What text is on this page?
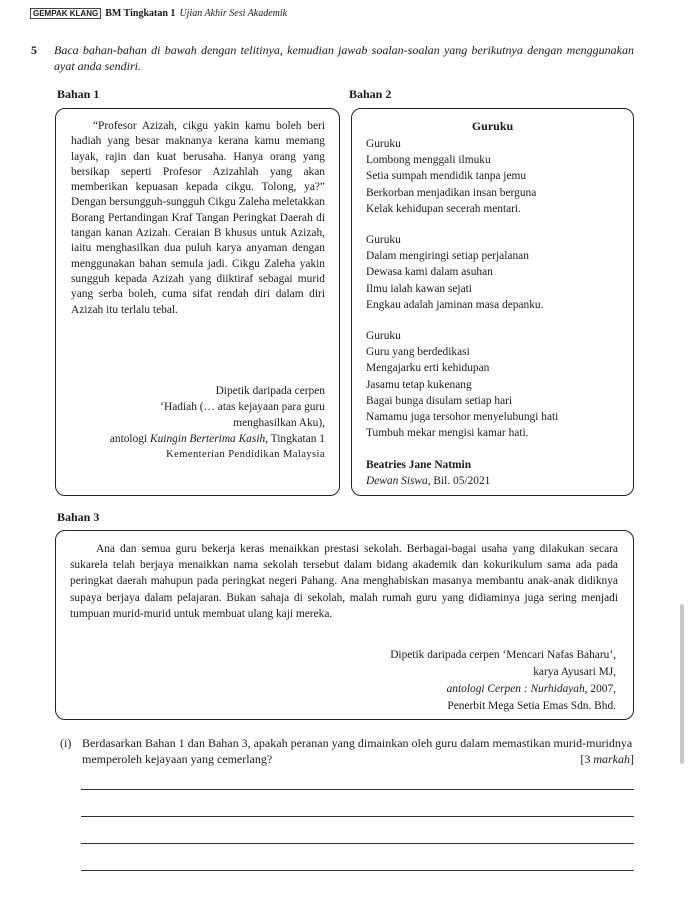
GEMPAK KLANG BM Tingkatan 1 Ujian Akhir Sesi Akademik
5 Baca bahan-bahan di bawah dengan telitinya, kemudian jawab soalan-soalan yang berikutnya dengan menggunakan ayat anda sendiri.
Bahan 1	Bahan 2
Bahan 3

“Profesor Azizah, cikgu yakin kamu boleh beri hadiah yang besar maknanya kerana kamu memang layak, rajin dan kuat berusaha. Hanya orang yang bersikap seperti Profesor Azizahlah yang akan memberikan kepuasan kepada cikgu. Tolong, ya?” Dengan bersungguh-sungguh Cikgu Zaleha meletakkan Borang Pertandingan Kraf Tangan Peringkat Daerah di tangan kanan Azizah. Ceraian B khusus untuk Azizah, iaitu menghasilkan dua puluh karya anyaman dengan menggunakan bahan semula jadi. Cikgu Zaleha yakin sungguh kepada Azizah yang diiktiraf sebagai murid yang serba boleh, cuma sifat rendah diri dalam diri Azizah itu terlalu tebal.

Dipetik daripada cerpen
‘Hadiah (… atas kejayaan para guru
menghasilkan Aku),
antologi Kuingin Berterima Kasih, Tingkatan 1
Kementerian Pendidikan Malaysia
Guruku
Guruku
Lombong menggali ilmuku
Setia sumpah mendidik tanpa jemu
Berkorban menjadikan insan berguna
Kelak kehidupan secerah mentari.
Guruku
Dalam mengiringi setiap perjalanan
Dewasa kami dalam asuhan
Ilmu ialah kawan sejati
Engkau adalah jaminan masa depanku.
Guruku
Guru yang berdedikasi
Mengajarku erti kehidupan
Jasamu tetap kukenang
Bagai bunga disulam setiap hari
Namamu juga tersohor menyelubungi hati
Tumbuh mekar mengisi kamar hati.
Beatries Jane Natmin
Dewan Siswa, Bil. 05/2021

Ana dan semua guru bekerja keras menaikkan prestasi sekolah. Berbagai-bagai usaha yang dilakukan secara sukarela telah berjaya menaikkan nama sekolah tersebut dalam bidang akademik dan kokurikulum sama ada pada peringkat daerah mahupun pada peringkat negeri Pahang. Ana menghabiskan masanya membantu anak-anak didiknya supaya berjaya dalam pelajaran. Bukan sahaja di sekolah, malah rumah guru yang didiaminya juga sering menjadi tumpuan murid-murid untuk membuat ulang kaji mereka.

Dipetik daripada cerpen ‘Mencari Nafas Baharu’,
karya Ayusari MJ,
antologi Cerpen : Nurhidayah, 2007,
Penerbit Mega Setia Emas Sdn. Bhd.
(i) Berdasarkan Bahan 1 dan Bahan 3, apakah peranan yang dimainkan oleh guru dalam memastikan murid-muridnya memperoleh kejayaan yang cemerlang?	[3 markah]
